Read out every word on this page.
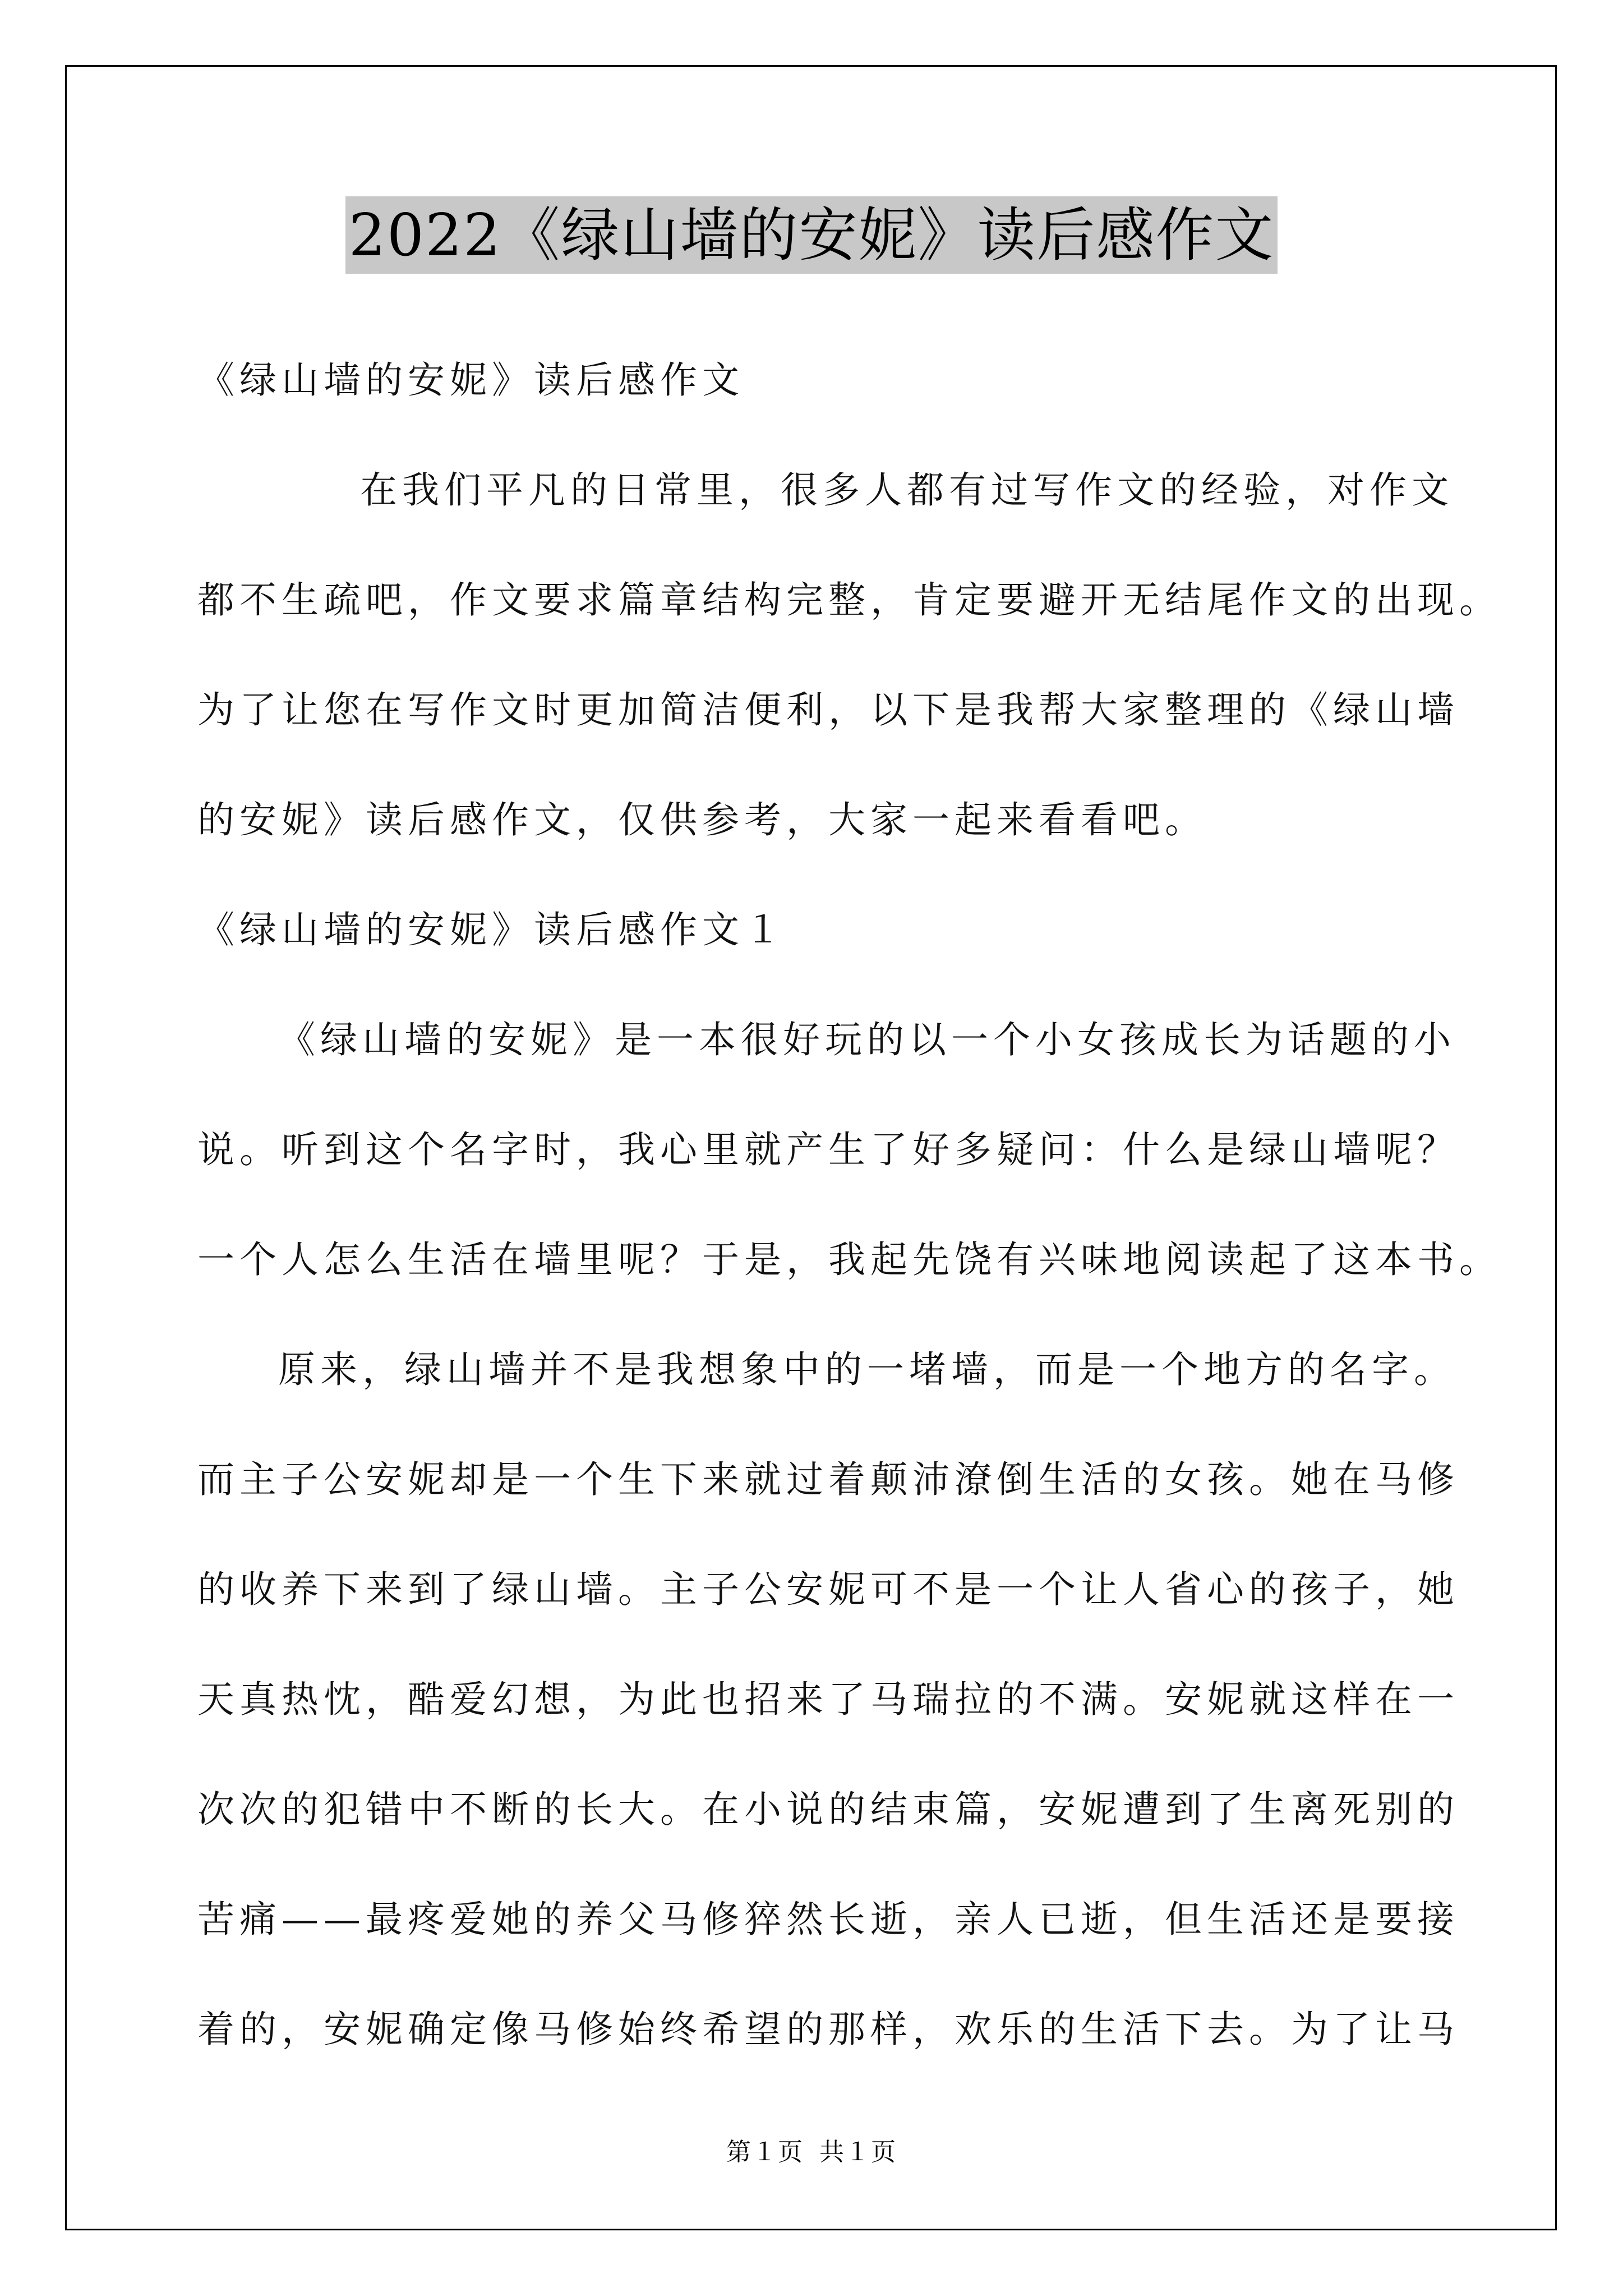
2022《绿山墙的安妮》读后感作文
《绿山墙的安妮》读后感作文
在我们平凡的日常里，很多人都有过写作文的经验，对作文
都不生疏吧，作文要求篇章结构完整，肯定要避开无结尾作文的出现。
为了让您在写作文时更加简洁便利，以下是我帮大家整理的《绿山墙
的安妮》读后感作文，仅供参考，大家一起来看看吧。
《绿山墙的安妮》读后感作文１
《绿山墙的安妮》是一本很好玩的以一个小女孩成长为话题的小
说。听到这个名字时，我心里就产生了好多疑问：什么是绿山墙呢？
一个人怎么生活在墙里呢？于是，我起先饶有兴味地阅读起了这本书。
原来，绿山墙并不是我想象中的一堵墙，而是一个地方的名字。
而主子公安妮却是一个生下来就过着颠沛潦倒生活的女孩。她在马修
的收养下来到了绿山墙。主子公安妮可不是一个让人省心的孩子，她
天真热忱，酷爱幻想，为此也招来了马瑞拉的不满。安妮就这样在一
次次的犯错中不断的长大。在小说的结束篇，安妮遭到了生离死别的
苦痛——最疼爱她的养父马修猝然长逝，亲人已逝，但生活还是要接
着的，安妮确定像马修始终希望的那样，欢乐的生活下去。为了让马
第１页 共１页
